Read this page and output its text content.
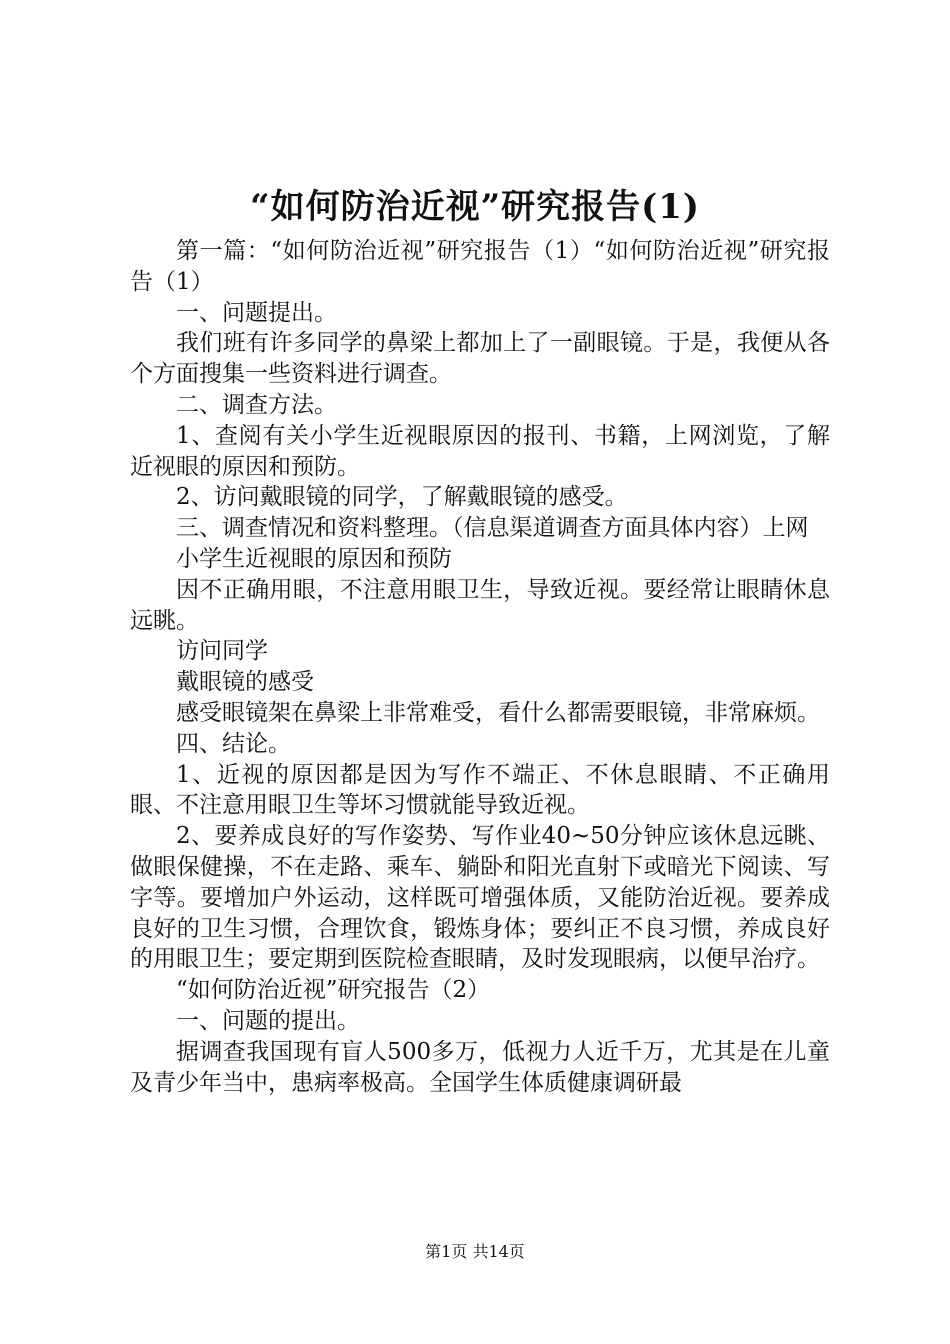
“如何防治近视”研究报告(1)

第一篇：“如何防治近视”研究报告（1）“如何防治近视”研究报告（1）

一、问题提出。

我们班有许多同学的鼻梁上都加上了一副眼镜。于是，我便从各个方面搜集一些资料进行调查。

二、调查方法。

1、查阅有关小学生近视眼原因的报刊、书籍，上网浏览，了解近视眼的原因和预防。

2、访问戴眼镜的同学，了解戴眼镜的感受。

三、调查情况和资料整理。（信息渠道调查方面具体内容）上网

小学生近视眼的原因和预防

因不正确用眼，不注意用眼卫生，导致近视。要经常让眼睛休息远眺。

访问同学

戴眼镜的感受

感受眼镜架在鼻梁上非常难受，看什么都需要眼镜，非常麻烦。

四、结论。

1、近视的原因都是因为写作不端正、不休息眼睛、不正确用眼、不注意用眼卫生等坏习惯就能导致近视。

2、要养成良好的写作姿势、写作业40~50分钟应该休息远眺、做眼保健操，不在走路、乘车、躺卧和阳光直射下或暗光下阅读、写字等。要增加户外运动，这样既可增强体质，又能防治近视。要养成良好的卫生习惯，合理饮食，锻炼身体；要纠正不良习惯，养成良好的用眼卫生；要定期到医院检查眼睛，及时发现眼病，以便早治疗。

“如何防治近视”研究报告（2）

一、问题的提出。

据调查我国现有盲人500多万，低视力人近千万，尤其是在儿童及青少年当中，患病率极高。全国学生体质健康调研最

第1页 共14页
